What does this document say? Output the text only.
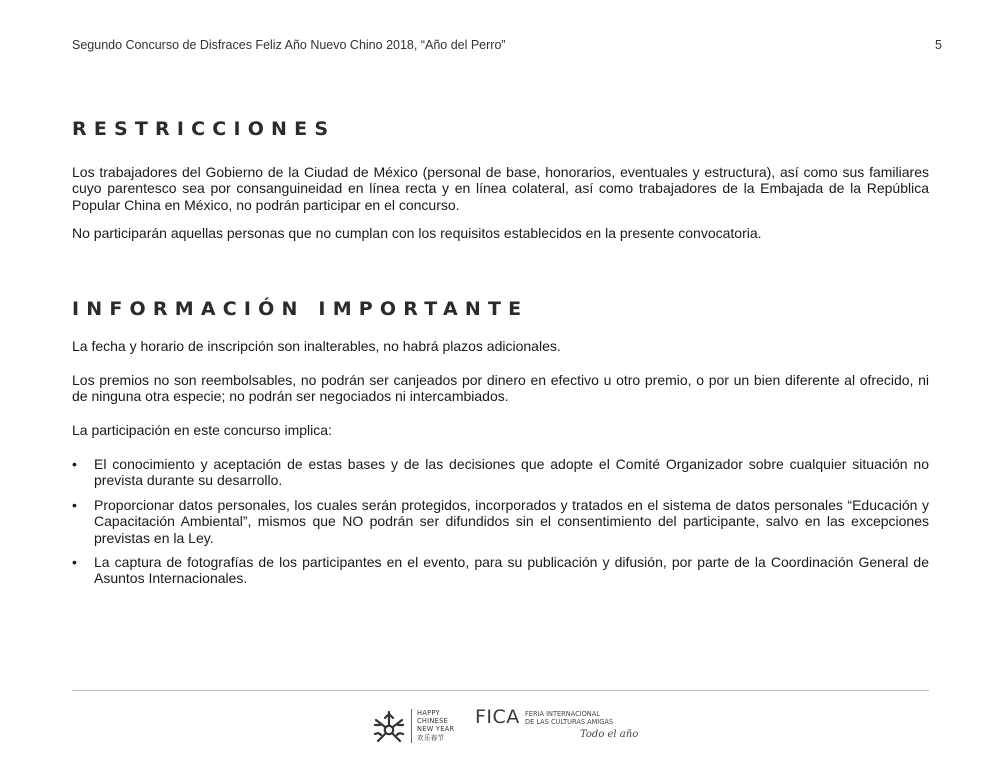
Segundo Concurso de Disfraces Feliz Año Nuevo Chino 2018, “Año del Perro”	5
RESTRICCIONES

Los trabajadores del Gobierno de la Ciudad de México (personal de base, honorarios, eventuales y estructura), así como sus familiares cuyo parentesco sea por consanguineidad en línea recta y en línea colateral, así como trabajadores de la Embajada de la República Popular China en México, no podrán participar en el concurso.

No participarán aquellas personas que no cumplan con los requisitos establecidos en la presente convocatoria.

INFORMACIÓN IMPORTANTE

La fecha y horario de inscripción son inalterables, no habrá plazos adicionales.

Los premios no son reembolsables, no podrán ser canjeados por dinero en efectivo u otro premio, o por un bien diferente al ofrecido, ni de ninguna otra especie; no podrán ser negociados ni intercambiados.

La participación en este concurso implica:

• El conocimiento y aceptación de estas bases y de las decisiones que adopte el Comité Organizador sobre cualquier situación no prevista durante su desarrollo.
• Proporcionar datos personales, los cuales serán protegidos, incorporados y tratados en el sistema de datos personales “Educación y Capacitación Ambiental”, mismos que NO podrán ser difundidos sin el consentimiento del participante, salvo en las excepciones previstas en la Ley.
• La captura de fotografías de los participantes en el evento, para su publicación y difusión, por parte de la Coordinación General de Asuntos Internacionales.
HAPPY
CHINESE
NEW YEAR
欢乐春节
FICA FERIA INTERNACIONAL
DE LAS CULTURAS AMIGAS
Todo el año
